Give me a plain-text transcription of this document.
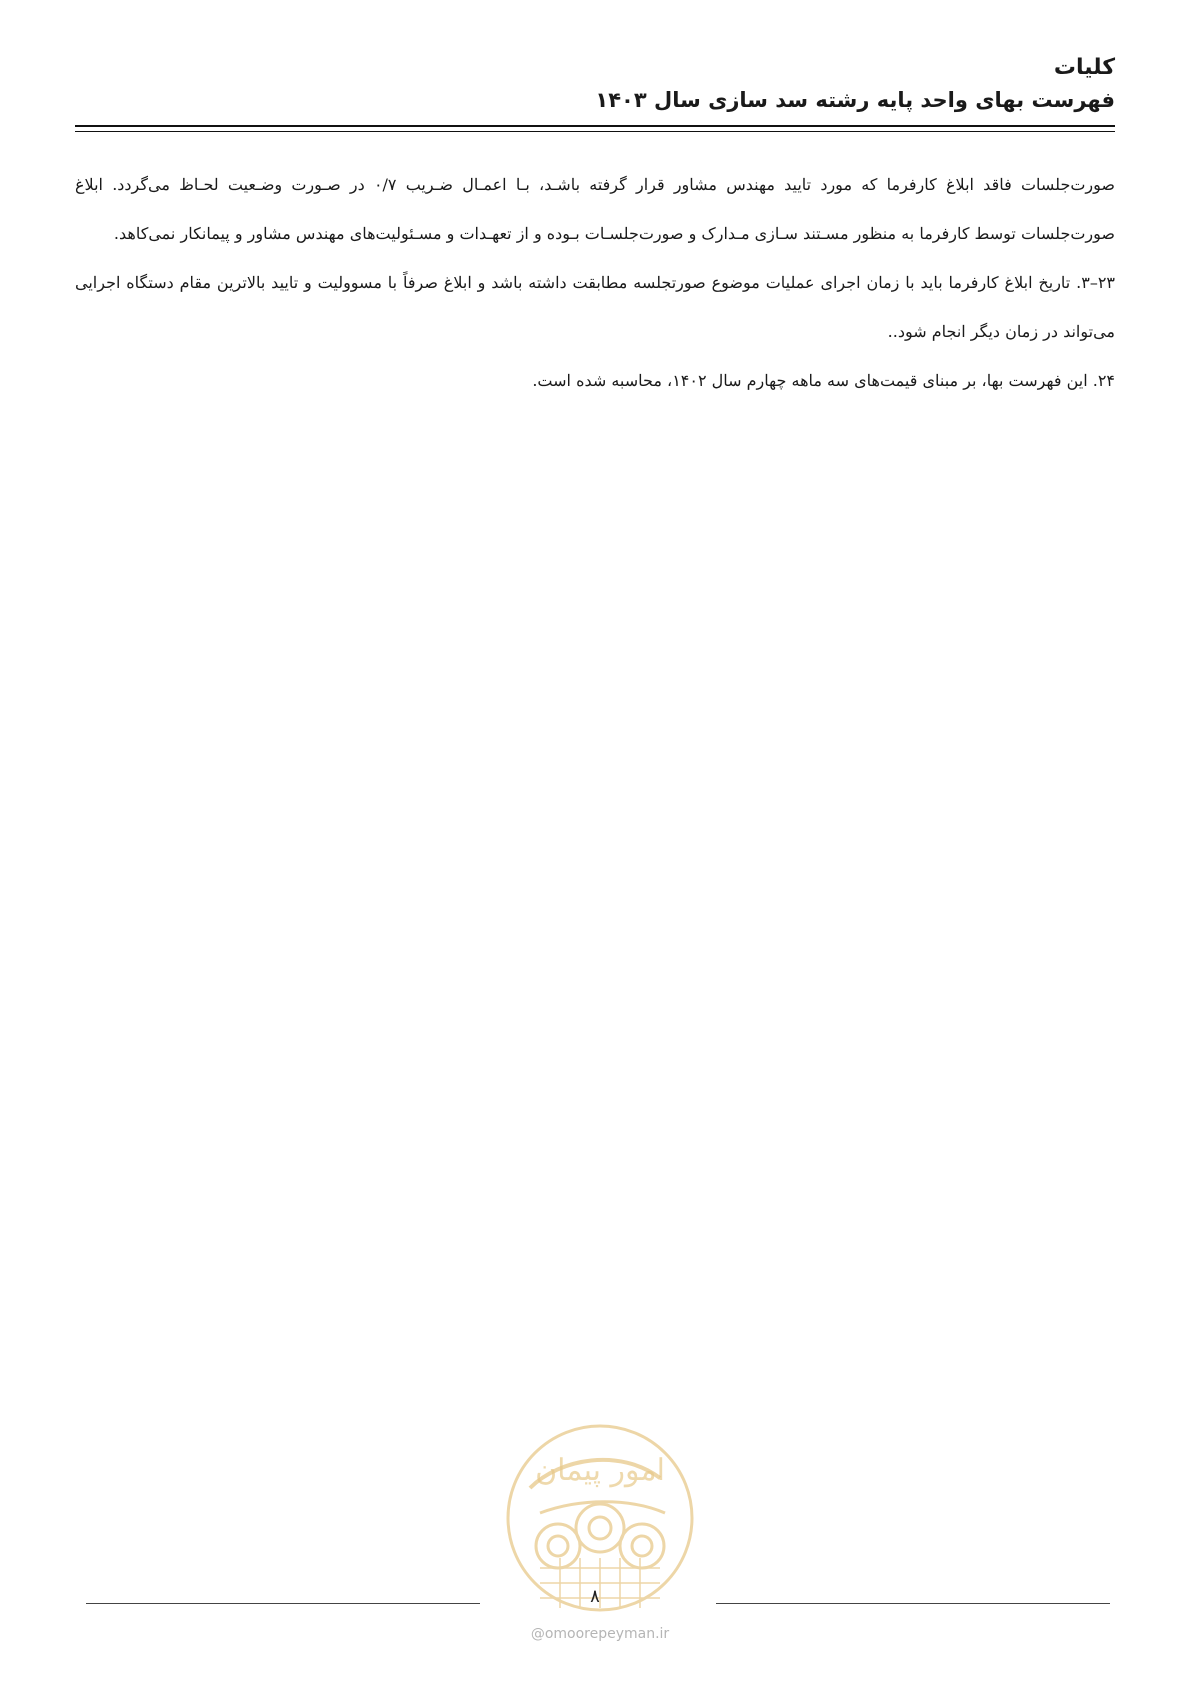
کلیات
فهرست بهای واحد پایه رشته سد سازی سال ۱۴۰۳

صورت‌جلسات فاقد ابلاغ کارفرما که مورد تایید مهندس مشاور قرار گرفته باشـد، بـا اعمـال ضـریب ۰/۷ در صـورت وضـعیت لحـاظ می‌گردد. ابلاغ صورت‌جلسات توسط کارفرما به منظور مسـتند سـازی مـدارک و صورت‌جلسـات بـوده و از تعهـدات و مسـئولیت‌های مهندس مشاور و پیمانکار نمی‌کاهد.

۲۳–۳. تاریخ ابلاغ کارفرما باید با زمان اجرای عملیات موضوع صورتجلسه مطابقت داشته باشد و ابلاغ صرفاً با مسوولیت و تایید بالاترین مقام دستگاه اجرایی می‌تواند در زمان دیگر انجام شود..

۲۴. این فهرست بها، بر مبنای قیمت‌های سه ماهه چهارم سال ۱۴۰۲، محاسبه شده است.

امور پیمان
۸
@omoorepeyman.ir
